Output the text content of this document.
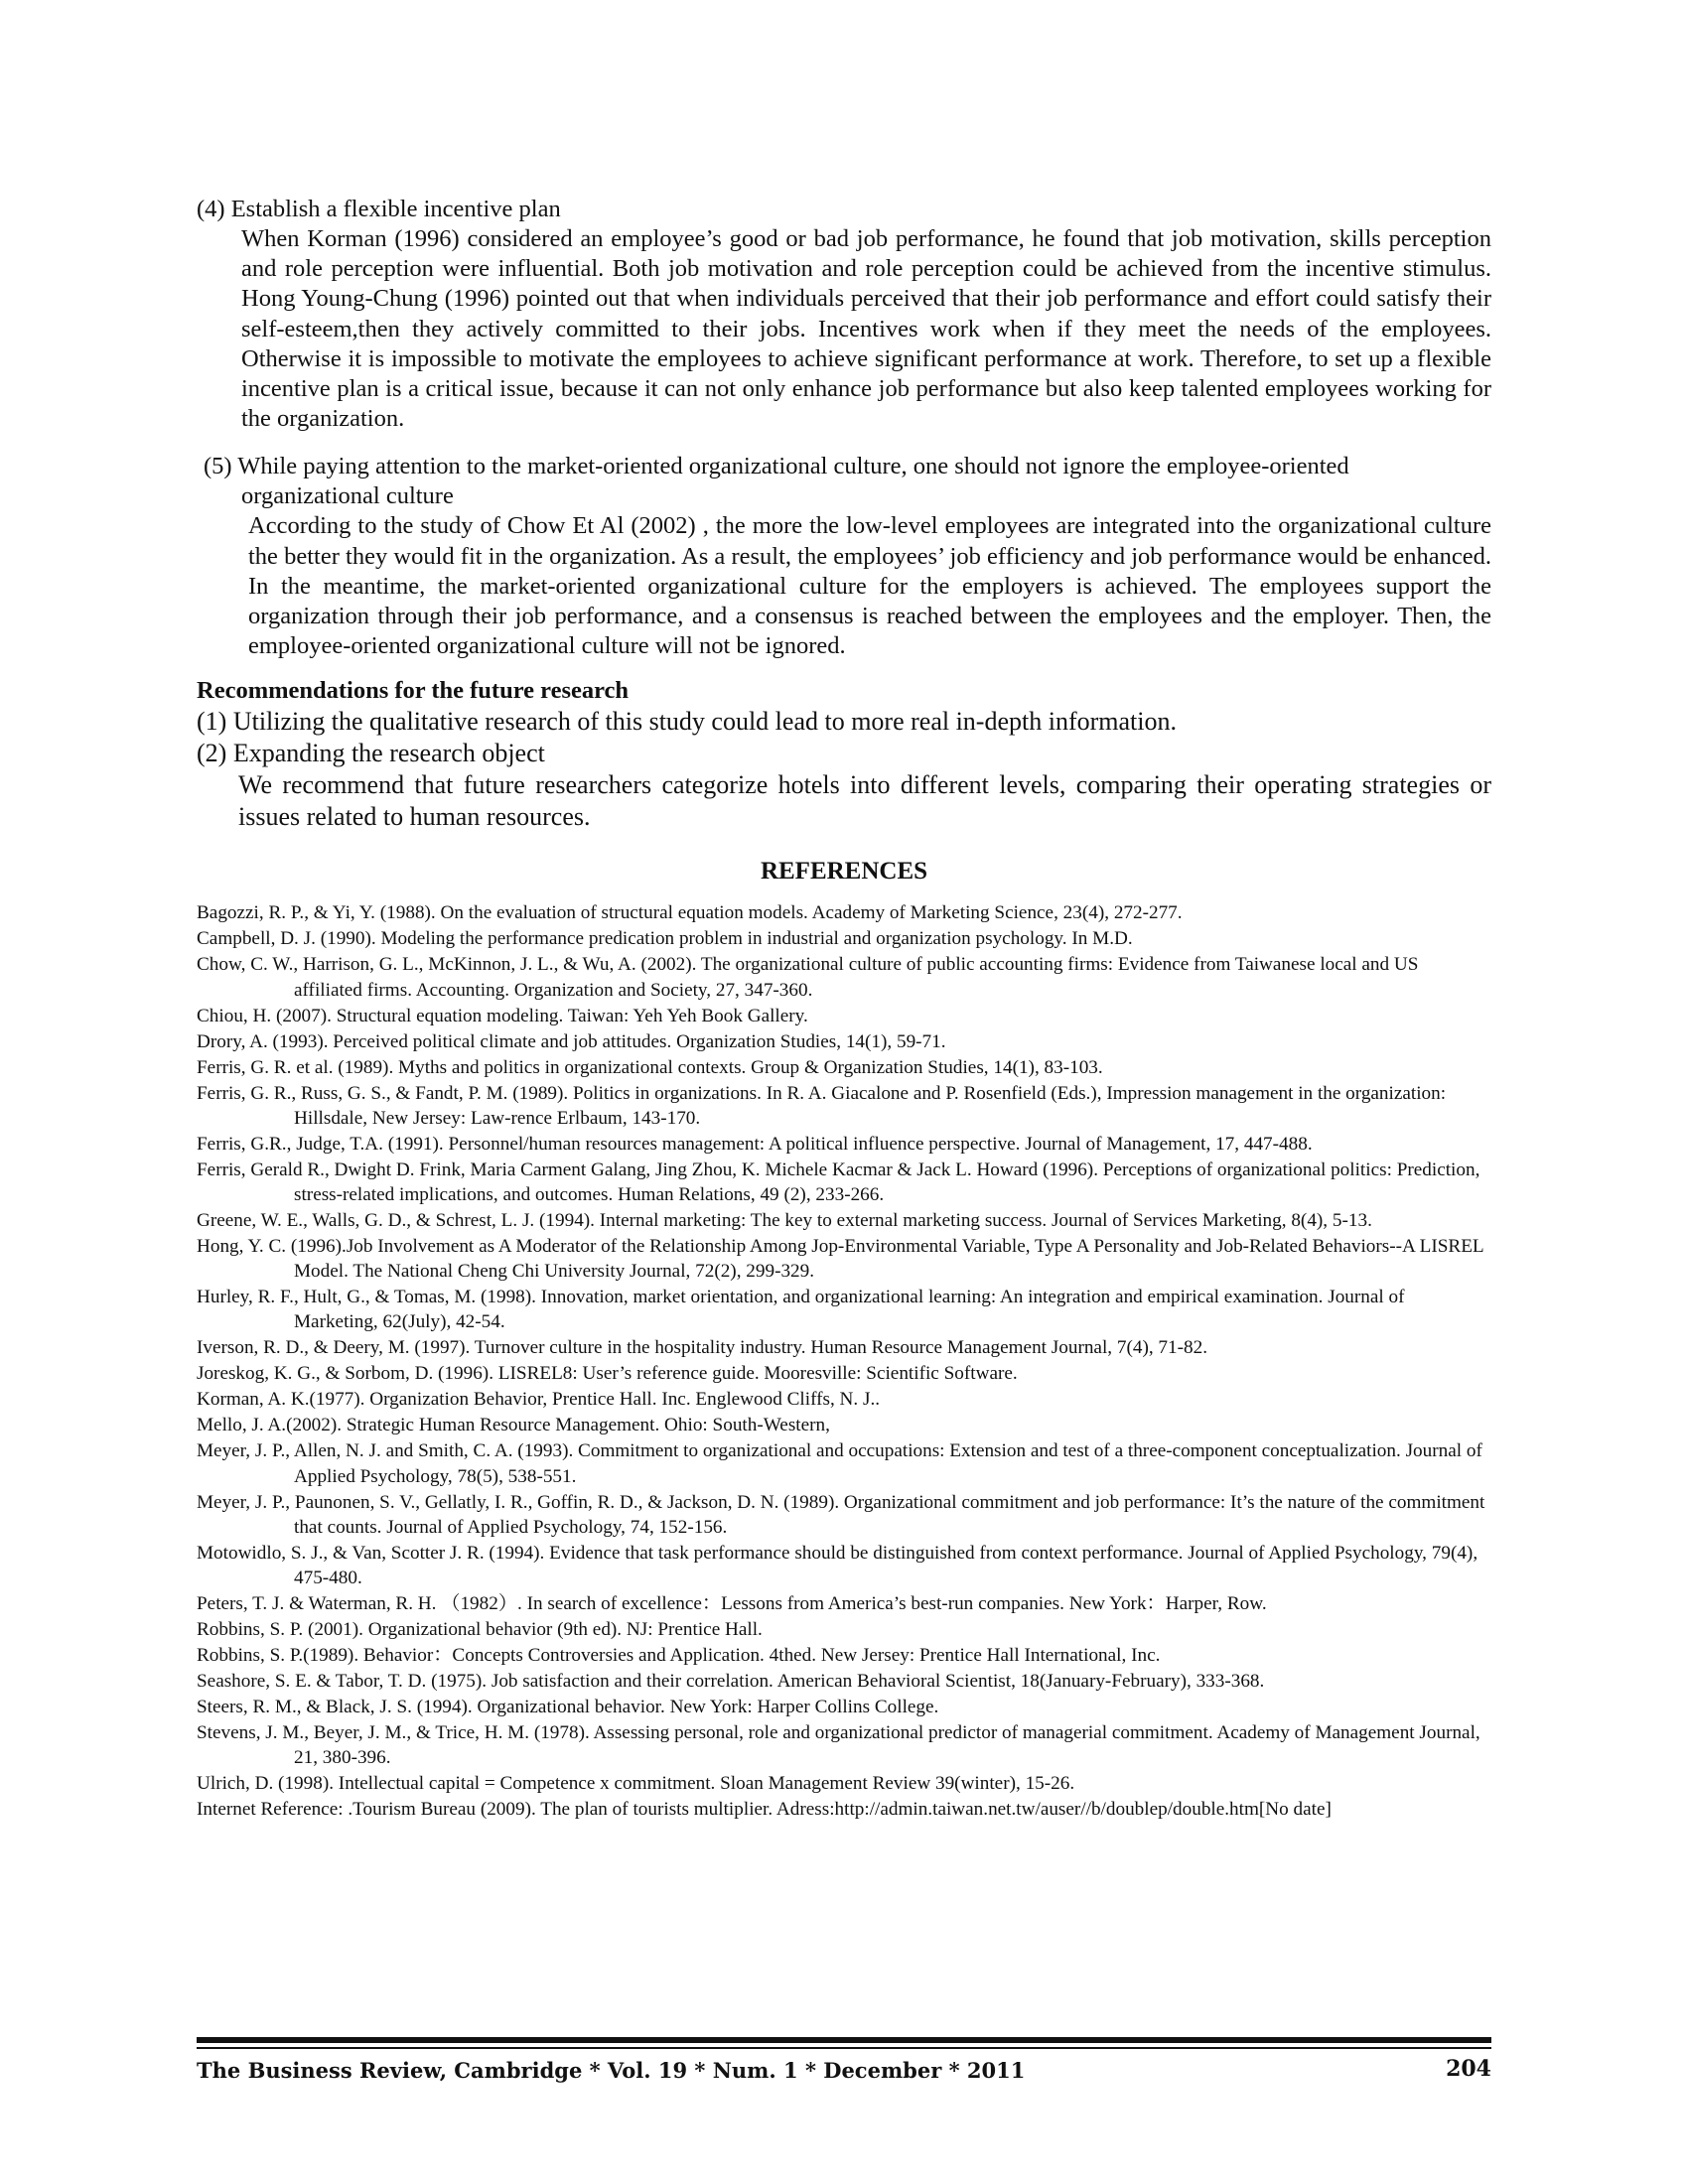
(4) Establish a flexible incentive plan

When Korman (1996) considered an employee’s good or bad job performance, he found that job motivation, skills perception and role perception were influential. Both job motivation and role perception could be achieved from the incentive stimulus. Hong Young-Chung (1996) pointed out that when individuals perceived that their job performance and effort could satisfy their self-esteem,then they actively committed to their jobs. Incentives work when if they meet the needs of the employees. Otherwise it is impossible to motivate the employees to achieve significant performance at work. Therefore, to set up a flexible incentive plan is a critical issue, because it can not only enhance job performance but also keep talented employees working for the organization.

(5) While paying attention to the market-oriented organizational culture, one should not ignore the employee-oriented
organizational culture

According to the study of Chow Et Al (2002) , the more the low-level employees are integrated into the organizational culture the better they would fit in the organization. As a result, the employees’ job efficiency and job performance would be enhanced. In the meantime, the market-oriented organizational culture for the employers is achieved. The employees support the organization through their job performance, and a consensus is reached between the employees and the employer. Then, the employee-oriented organizational culture will not be ignored.

Recommendations for the future research

(1) Utilizing the qualitative research of this study could lead to more real in-depth information.

(2) Expanding the research object

We recommend that future researchers categorize hotels into different levels, comparing their operating strategies or issues related to human resources.

REFERENCES

Bagozzi, R. P., & Yi, Y. (1988). On the evaluation of structural equation models. Academy of Marketing Science, 23(4), 272-277.
Campbell, D. J. (1990). Modeling the performance predication problem in industrial and organization psychology. In M.D.
Chow, C. W., Harrison, G. L., McKinnon, J. L., & Wu, A. (2002). The organizational culture of public accounting firms: Evidence from Taiwanese local and US affiliated firms. Accounting. Organization and Society, 27, 347-360.
Chiou, H. (2007). Structural equation modeling. Taiwan: Yeh Yeh Book Gallery.
Drory, A. (1993). Perceived political climate and job attitudes. Organization Studies, 14(1), 59-71.
Ferris, G. R. et al. (1989). Myths and politics in organizational contexts. Group & Organization Studies, 14(1), 83-103.
Ferris, G. R., Russ, G. S., & Fandt, P. M. (1989). Politics in organizations. In R. A. Giacalone and P. Rosenfield (Eds.), Impression management in the organization: Hillsdale, New Jersey: Law-rence Erlbaum, 143-170.
Ferris, G.R., Judge, T.A. (1991). Personnel/human resources management: A political influence perspective. Journal of Management, 17, 447-488.
Ferris, Gerald R., Dwight D. Frink, Maria Carment Galang, Jing Zhou, K. Michele Kacmar & Jack L. Howard (1996). Perceptions of organizational politics: Prediction, stress-related implications, and outcomes. Human Relations, 49 (2), 233-266.
Greene, W. E., Walls, G. D., & Schrest, L. J. (1994). Internal marketing: The key to external marketing success. Journal of Services Marketing, 8(4), 5-13.
Hong, Y. C. (1996).Job Involvement as A Moderator of the Relationship Among Jop-Environmental Variable, Type A Personality and Job-Related Behaviors--A LISREL Model. The National Cheng Chi University Journal, 72(2), 299-329.
Hurley, R. F., Hult, G., & Tomas, M. (1998). Innovation, market orientation, and organizational learning: An integration and empirical examination. Journal of Marketing, 62(July), 42-54.
Iverson, R. D., & Deery, M. (1997). Turnover culture in the hospitality industry. Human Resource Management Journal, 7(4), 71-82.
Joreskog, K. G., & Sorbom, D. (1996). LISREL8: User’s reference guide. Mooresville: Scientific Software.
Korman, A. K.(1977). Organization Behavior, Prentice Hall. Inc. Englewood Cliffs, N. J..
Mello, J. A.(2002). Strategic Human Resource Management. Ohio: South-Western,
Meyer, J. P., Allen, N. J. and Smith, C. A. (1993). Commitment to organizational and occupations: Extension and test of a three-component conceptualization. Journal of Applied Psychology, 78(5), 538-551.
Meyer, J. P., Paunonen, S. V., Gellatly, I. R., Goffin, R. D., & Jackson, D. N. (1989). Organizational commitment and job performance: It’s the nature of the commitment that counts. Journal of Applied Psychology, 74, 152-156.
Motowidlo, S. J., & Van, Scotter J. R. (1994). Evidence that task performance should be distinguished from context performance. Journal of Applied Psychology, 79(4), 475-480.
Peters, T. J. & Waterman, R. H. （1982）. In search of excellence：Lessons from America’s best-run companies. New York：Harper, Row.
Robbins, S. P. (2001). Organizational behavior (9th ed). NJ: Prentice Hall.
Robbins, S. P.(1989). Behavior：Concepts Controversies and Application. 4thed. New Jersey: Prentice Hall International, Inc.
Seashore, S. E. & Tabor, T. D. (1975). Job satisfaction and their correlation. American Behavioral Scientist, 18(January-February), 333-368.
Steers, R. M., & Black, J. S. (1994). Organizational behavior. New York: Harper Collins College.
Stevens, J. M., Beyer, J. M., & Trice, H. M. (1978). Assessing personal, role and organizational predictor of managerial commitment. Academy of Management Journal, 21, 380-396.
Ulrich, D. (1998). Intellectual capital = Competence x commitment. Sloan Management Review 39(winter), 15-26.
Internet Reference: .Tourism Bureau (2009). The plan of tourists multiplier. Adress:http://admin.taiwan.net.tw/auser//b/doublep/double.htm[No date]
The Business Review, Cambridge * Vol. 19 * Num. 1 * December * 2011	204
